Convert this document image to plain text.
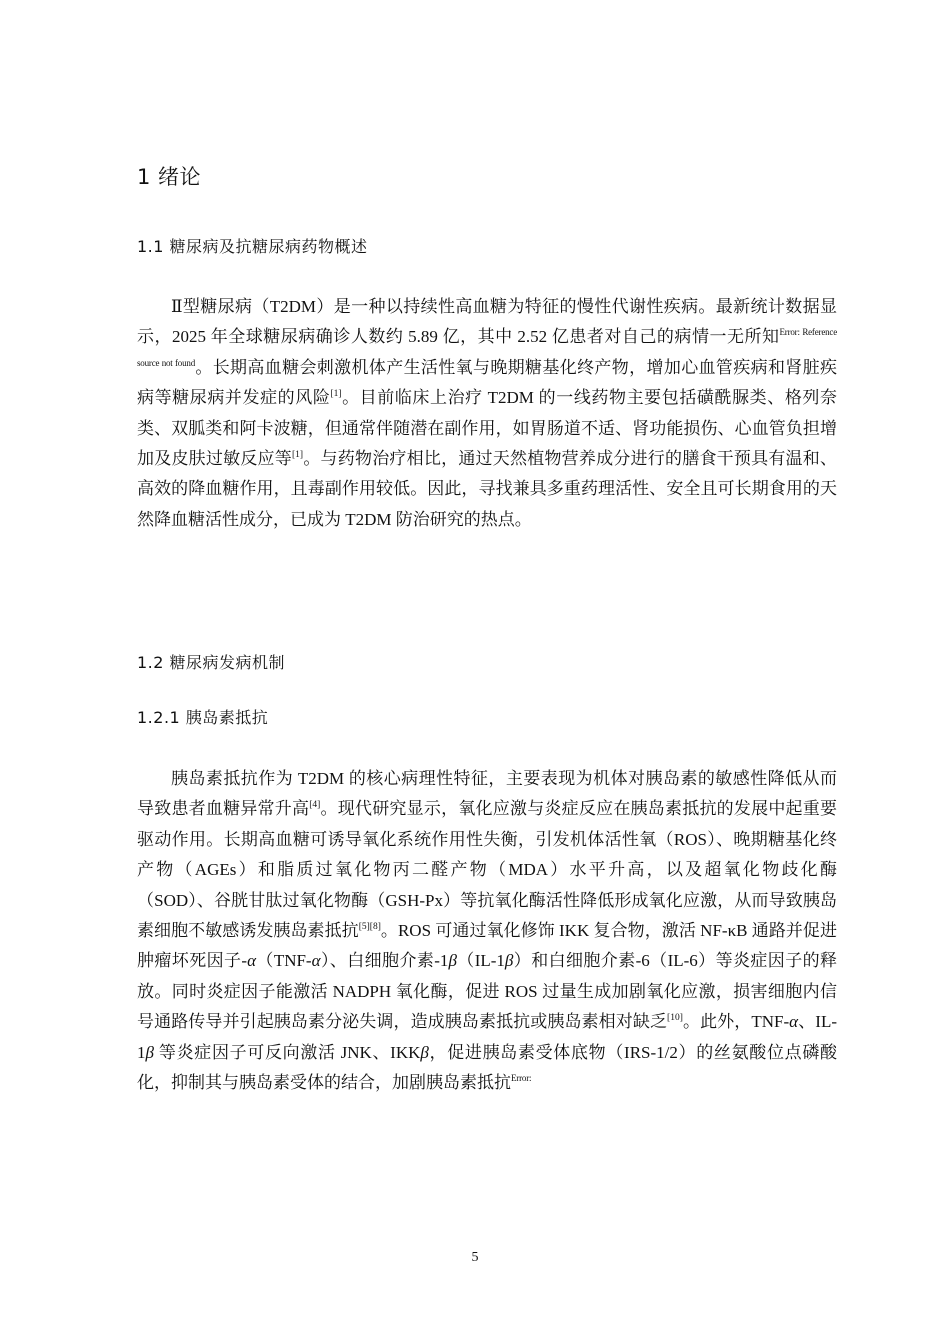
1 绪论
1.1 糖尿病及抗糖尿病药物概述
Ⅱ型糖尿病（T2DM）是一种以持续性高血糖为特征的慢性代谢性疾病。最新统计数据显示，2025 年全球糖尿病确诊人数约 5.89 亿，其中 2.52 亿患者对自己的病情一无所知$^{Error: Reference source not found}$。长期高血糖会刺激机体产生活性氧与晚期糖基化终产物，增加心血管疾病和肾脏疾病等糖尿病并发症的风险[1]。目前临床上治疗 T2DM 的一线药物主要包括磺酰脲类、格列奈类、双胍类和阿卡波糖，但通常伴随潜在副作用，如胃肠道不适、肾功能损伤、心血管负担增加及皮肤过敏反应等[1]。与药物治疗相比，通过天然植物营养成分进行的膳食干预具有温和、高效的降血糖作用，且毒副作用较低。因此，寻找兼具多重药理活性、安全且可长期食用的天然降血糖活性成分，已成为 T2DM 防治研究的热点。
1.2 糖尿病发病机制
1.2.1 胰岛素抵抗
胰岛素抵抗作为 T2DM 的核心病理性特征，主要表现为机体对胰岛素的敏感性降低从而导致患者血糖异常升高[4]。现代研究显示，氧化应激与炎症反应在胰岛素抵抗的发展中起重要驱动作用。长期高血糖可诱导氧化系统作用性失衡，引发机体活性氧（ROS）、晚期糖基化终产物（AGEs）和脂质过氧化物丙二醛产物（MDA）水平升高，以及超氧化物歧化酶（SOD）、谷胱甘肽过氧化物酶（GSH-Px）等抗氧化酶活性降低形成氧化应激，从而导致胰岛素细胞不敏感诱发胰岛素抵抗[5][8]。ROS 可通过氧化修饰 IKK 复合物，激活 NF-κB 通路并促进肿瘤坏死因子-α（TNF-α）、白细胞介素-1β（IL-1β）和白细胞介素-6（IL-6）等炎症因子的释放。同时炎症因子能激活 NADPH 氧化酶，促进 ROS 过量生成加剧氧化应激，损害细胞内信号通路传导并引起胰岛素分泌失调，造成胰岛素抵抗或胰岛素相对缺乏[10]。此外，TNF-α、IL-1β 等炎症因子可反向激活 JNK、IKKβ，促进胰岛素受体底物（IRS-1/2）的丝氨酸位点磷酸化，抑制其与胰岛素受体的结合，加剧胰岛素抵抗$^{Error:}$
5
